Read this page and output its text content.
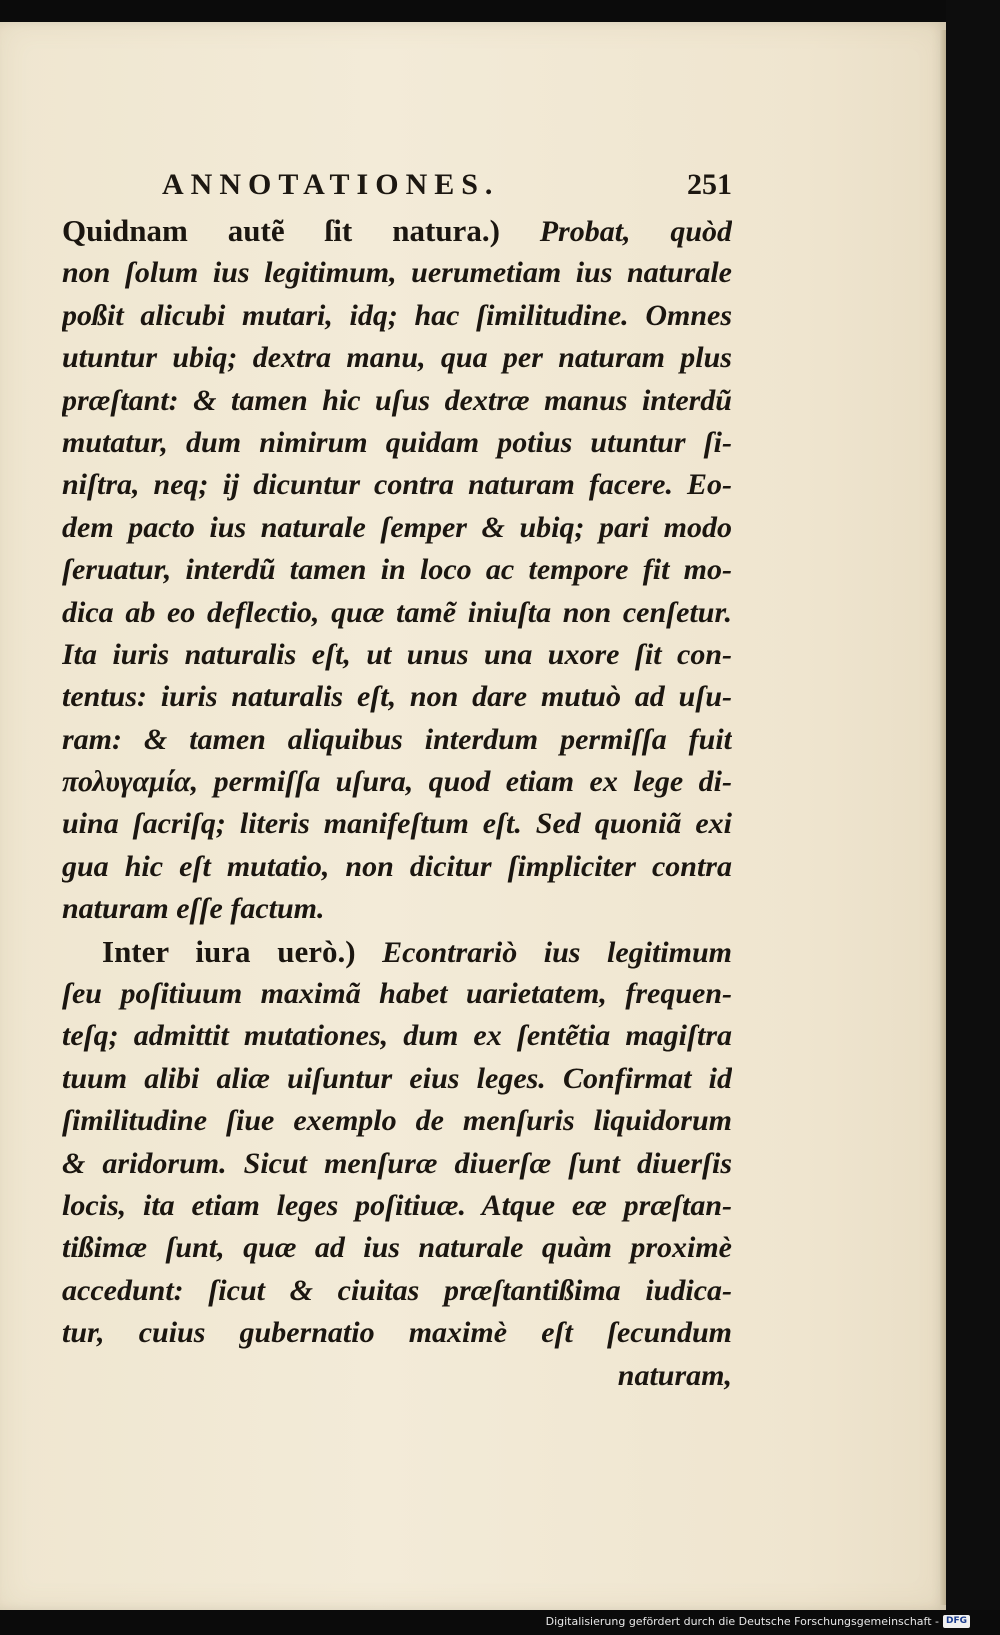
ANNOTATIONES.	251
Quidnam autẽ ſit natura.) Probat, quòd
non ſolum ius legitimum, uerumetiam ius naturale
poßit alicubi mutari, idq; hac ſimilitudine. Omnes
utuntur ubiq; dextra manu, qua per naturam plus
præſtant: & tamen hic uſus dextræ manus interdũ
mutatur, dum nimirum quidam potius utuntur ſi-
niſtra, neq; ij dicuntur contra naturam facere. Eo-
dem pacto ius naturale ſemper & ubiq; pari modo
ſeruatur, interdũ tamen in loco ac tempore fit mo-
dica ab eo deflectio, quæ tamẽ iniuſta non cenſetur.
Ita iuris naturalis eſt, ut unus una uxore ſit con-
tentus: iuris naturalis eſt, non dare mutuò ad uſu-
ram: & tamen aliquibus interdum permiſſa fuit
πολυγαμία, permiſſa uſura, quod etiam ex lege di-
uina ſacriſq; literis manifeſtum eſt. Sed quoniã exi
gua hic eſt mutatio, non dicitur ſimpliciter contra
naturam eſſe factum.
Inter iura uerò.) Econtrariò ius legitimum
ſeu poſitiuum maximã habet uarietatem, frequen-
teſq; admittit mutationes, dum ex ſentẽtia magiſtra
tuum alibi aliæ uiſuntur eius leges. Confirmat id
ſimilitudine ſiue exemplo de menſuris liquidorum
& aridorum. Sicut menſuræ diuerſæ ſunt diuerſis
locis, ita etiam leges poſitiuæ. Atque eæ præſtan-
tißimæ ſunt, quæ ad ius naturale quàm proximè
accedunt: ſicut & ciuitas præſtantißima iudica-
tur, cuius gubernatio maximè eſt ſecundum
naturam,
Digitalisierung gefördert durch die Deutsche Forschungsgemeinschaft - DFG
